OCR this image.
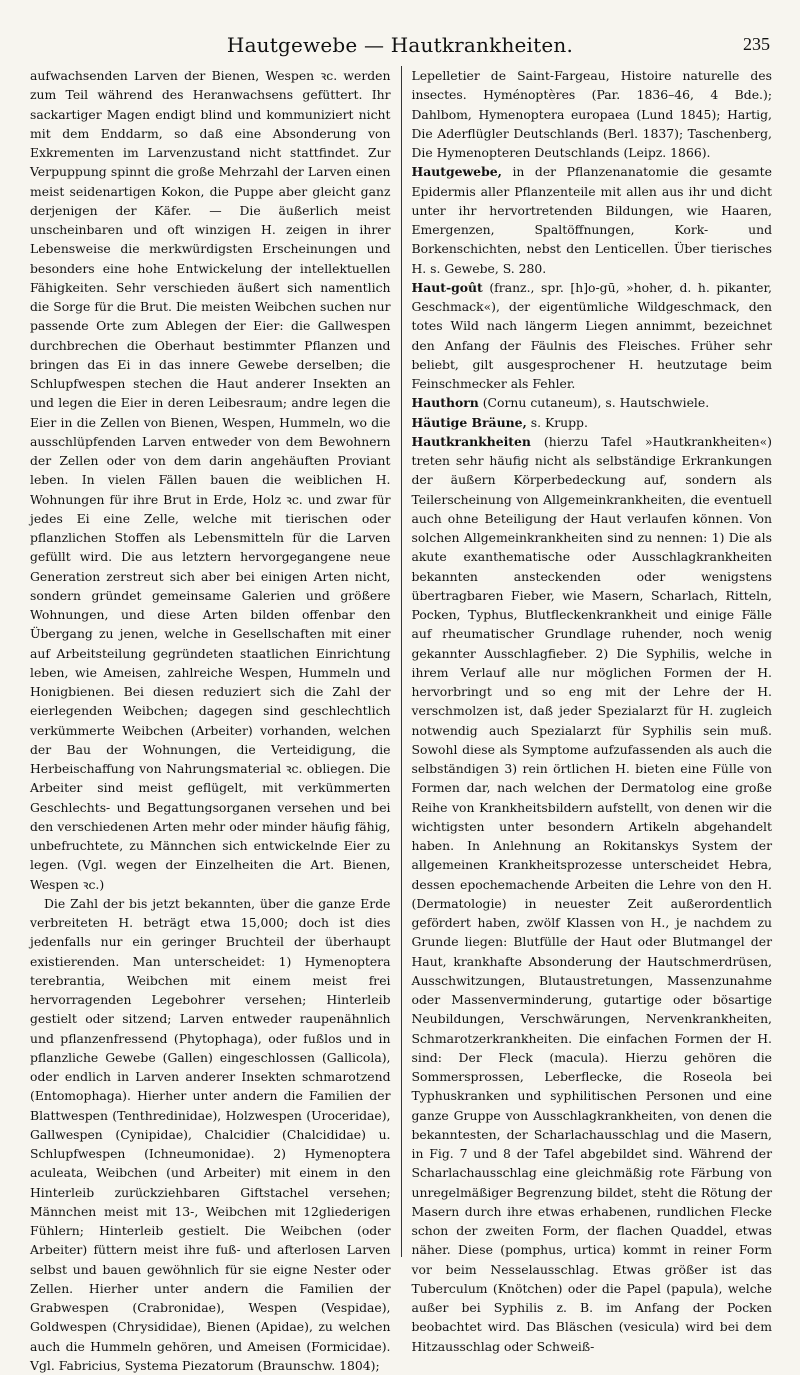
Hautgewebe — Hautkrankheiten.	235

aufwachsenden Larven der Bienen, Wespen ꝛc. werden zum Teil während des Heranwachsens gefüttert. Ihr sackartiger Magen endigt blind und kommuniziert nicht mit dem Enddarm, so daß eine Absonderung von Exkrementen im Larvenzustand nicht stattfindet. Zur Verpuppung spinnt die große Mehrzahl der Larven einen meist seidenartigen Kokon, die Puppe aber gleicht ganz derjenigen der Käfer. — Die äußerlich meist unscheinbaren und oft winzigen H. zeigen in ihrer Lebensweise die merkwürdigsten Erscheinungen und besonders eine hohe Entwickelung der intellektuellen Fähigkeiten. Sehr verschieden äußert sich namentlich die Sorge für die Brut. Die meisten Weibchen suchen nur passende Orte zum Ablegen der Eier: die Gallwespen durchbrechen die Oberhaut bestimmter Pflanzen und bringen das Ei in das innere Gewebe derselben; die Schlupfwespen stechen die Haut anderer Insekten an und legen die Eier in deren Leibesraum; andre legen die Eier in die Zellen von Bienen, Wespen, Hummeln, wo die ausschlüpfenden Larven entweder von dem Bewohnern der Zellen oder von dem darin angehäuften Proviant leben. In vielen Fällen bauen die weiblichen H. Wohnungen für ihre Brut in Erde, Holz ꝛc. und zwar für jedes Ei eine Zelle, welche mit tierischen oder pflanzlichen Stoffen als Lebensmitteln für die Larven gefüllt wird. Die aus letztern hervorgegangene neue Generation zerstreut sich aber bei einigen Arten nicht, sondern gründet gemeinsame Galerien und größere Wohnungen, und diese Arten bilden offenbar den Übergang zu jenen, welche in Gesellschaften mit einer auf Arbeitsteilung gegründeten staatlichen Einrichtung leben, wie Ameisen, zahlreiche Wespen, Hummeln und Honigbienen. Bei diesen reduziert sich die Zahl der eierlegenden Weibchen; dagegen sind geschlechtlich verkümmerte Weibchen (Arbeiter) vorhanden, welchen der Bau der Wohnungen, die Verteidigung, die Herbeischaffung von Nahrungsmaterial ꝛc. obliegen. Die Arbeiter sind meist geflügelt, mit verkümmerten Geschlechts- und Begattungsorganen versehen und bei den verschiedenen Arten mehr oder minder häufig fähig, unbefruchtete, zu Männchen sich entwickelnde Eier zu legen. (Vgl. wegen der Einzelheiten die Art. Bienen, Wespen ꝛc.)

Die Zahl der bis jetzt bekannten, über die ganze Erde verbreiteten H. beträgt etwa 15,000; doch ist dies jedenfalls nur ein geringer Bruchteil der überhaupt existierenden. Man unterscheidet: 1) Hymenoptera terebrantia, Weibchen mit einem meist frei hervorragenden Legebohrer versehen; Hinterleib gestielt oder sitzend; Larven entweder raupenähnlich und pflanzenfressend (Phytophaga), oder fußlos und in pflanzliche Gewebe (Gallen) eingeschlossen (Gallicola), oder endlich in Larven anderer Insekten schmarotzend (Entomophaga). Hierher unter andern die Familien der Blattwespen (Tenthredinidae), Holzwespen (Uroceridae), Gallwespen (Cynipidae), Chalcidier (Chalcididae) u. Schlupfwespen (Ichneumonidae). 2) Hymenoptera aculeata, Weibchen (und Arbeiter) mit einem in den Hinterleib zurückziehbaren Giftstachel versehen; Männchen meist mit 13-, Weibchen mit 12gliederigen Fühlern; Hinterleib gestielt. Die Weibchen (oder Arbeiter) füttern meist ihre fuß- und afterlosen Larven selbst und bauen gewöhnlich für sie eigne Nester oder Zellen. Hierher unter andern die Familien der Grabwespen (Crabronidae), Wespen (Vespidae), Goldwespen (Chrysididae), Bienen (Apidae), zu welchen auch die Hummeln gehören, und Ameisen (Formicidae). Vgl. Fabricius, Systema Piezatorum (Braunschw. 1804);

Lepelletier de Saint-Fargeau, Histoire naturelle des insectes. Hyménoptères (Par. 1836–46, 4 Bde.); Dahlbom, Hymenoptera europaea (Lund 1845); Hartig, Die Aderflügler Deutschlands (Berl. 1837); Taschenberg, Die Hymenopteren Deutschlands (Leipz. 1866).

Hautgewebe, in der Pflanzenanatomie die gesamte Epidermis aller Pflanzenteile mit allen aus ihr und dicht unter ihr hervortretenden Bildungen, wie Haaren, Emergenzen, Spaltöffnungen, Kork- und Borkenschichten, nebst den Lenticellen. Über tierisches H. s. Gewebe, S. 280.

Haut-goût (franz., spr. [h]o-gū, »hoher, d. h. pikanter, Geschmack«), der eigentümliche Wildgeschmack, den totes Wild nach längerm Liegen annimmt, bezeichnet den Anfang der Fäulnis des Fleisches. Früher sehr beliebt, gilt ausgesprochener H. heutzutage beim Feinschmecker als Fehler.

Hauthorn (Cornu cutaneum), s. Hautschwiele.

Häutige Bräune, s. Krupp.

Hautkrankheiten (hierzu Tafel »Hautkrankheiten«) treten sehr häufig nicht als selbständige Erkrankungen der äußern Körperbedeckung auf, sondern als Teilerscheinung von Allgemeinkrankheiten, die eventuell auch ohne Beteiligung der Haut verlaufen können. Von solchen Allgemeinkrankheiten sind zu nennen: 1) Die als akute exanthematische oder Ausschlagkrankheiten bekannten ansteckenden oder wenigstens übertragbaren Fieber, wie Masern, Scharlach, Ritteln, Pocken, Typhus, Blutfleckenkrankheit und einige Fälle auf rheumatischer Grundlage ruhender, noch wenig gekannter Ausschlagfieber. 2) Die Syphilis, welche in ihrem Verlauf alle nur möglichen Formen der H. hervorbringt und so eng mit der Lehre der H. verschmolzen ist, daß jeder Spezialarzt für H. zugleich notwendig auch Spezialarzt für Syphilis sein muß. Sowohl diese als Symptome aufzufassenden als auch die selbständigen 3) rein örtlichen H. bieten eine Fülle von Formen dar, nach welchen der Dermatolog eine große Reihe von Krankheitsbildern aufstellt, von denen wir die wichtigsten unter besondern Artikeln abgehandelt haben. In Anlehnung an Rokitanskys System der allgemeinen Krankheitsprozesse unterscheidet Hebra, dessen epochemachende Arbeiten die Lehre von den H. (Dermatologie) in neuester Zeit außerordentlich gefördert haben, zwölf Klassen von H., je nachdem zu Grunde liegen: Blutfülle der Haut oder Blutmangel der Haut, krankhafte Absonderung der Hautschmerdrüsen, Ausschwitzungen, Blutaustretungen, Massenzunahme oder Massenverminderung, gutartige oder bösartige Neubildungen, Verschwärungen, Nervenkrankheiten, Schmarotzerkrankheiten. Die einfachen Formen der H. sind: Der Fleck (macula). Hierzu gehören die Sommersprossen, Leberflecke, die Roseola bei Typhuskranken und syphilitischen Personen und eine ganze Gruppe von Ausschlagkrankheiten, von denen die bekanntesten, der Scharlachausschlag und die Masern, in Fig. 7 und 8 der Tafel abgebildet sind. Während der Scharlachausschlag eine gleichmäßig rote Färbung von unregelmäßiger Begrenzung bildet, steht die Rötung der Masern durch ihre etwas erhabenen, rundlichen Flecke schon der zweiten Form, der flachen Quaddel, etwas näher. Diese (pomphus, urtica) kommt in reiner Form vor beim Nesselausschlag. Etwas größer ist das Tuberculum (Knötchen) oder die Papel (papula), welche außer bei Syphilis z. B. im Anfang der Pocken beobachtet wird. Das Bläschen (vesicula) wird bei dem Hitzausschlag oder Schweiß-
